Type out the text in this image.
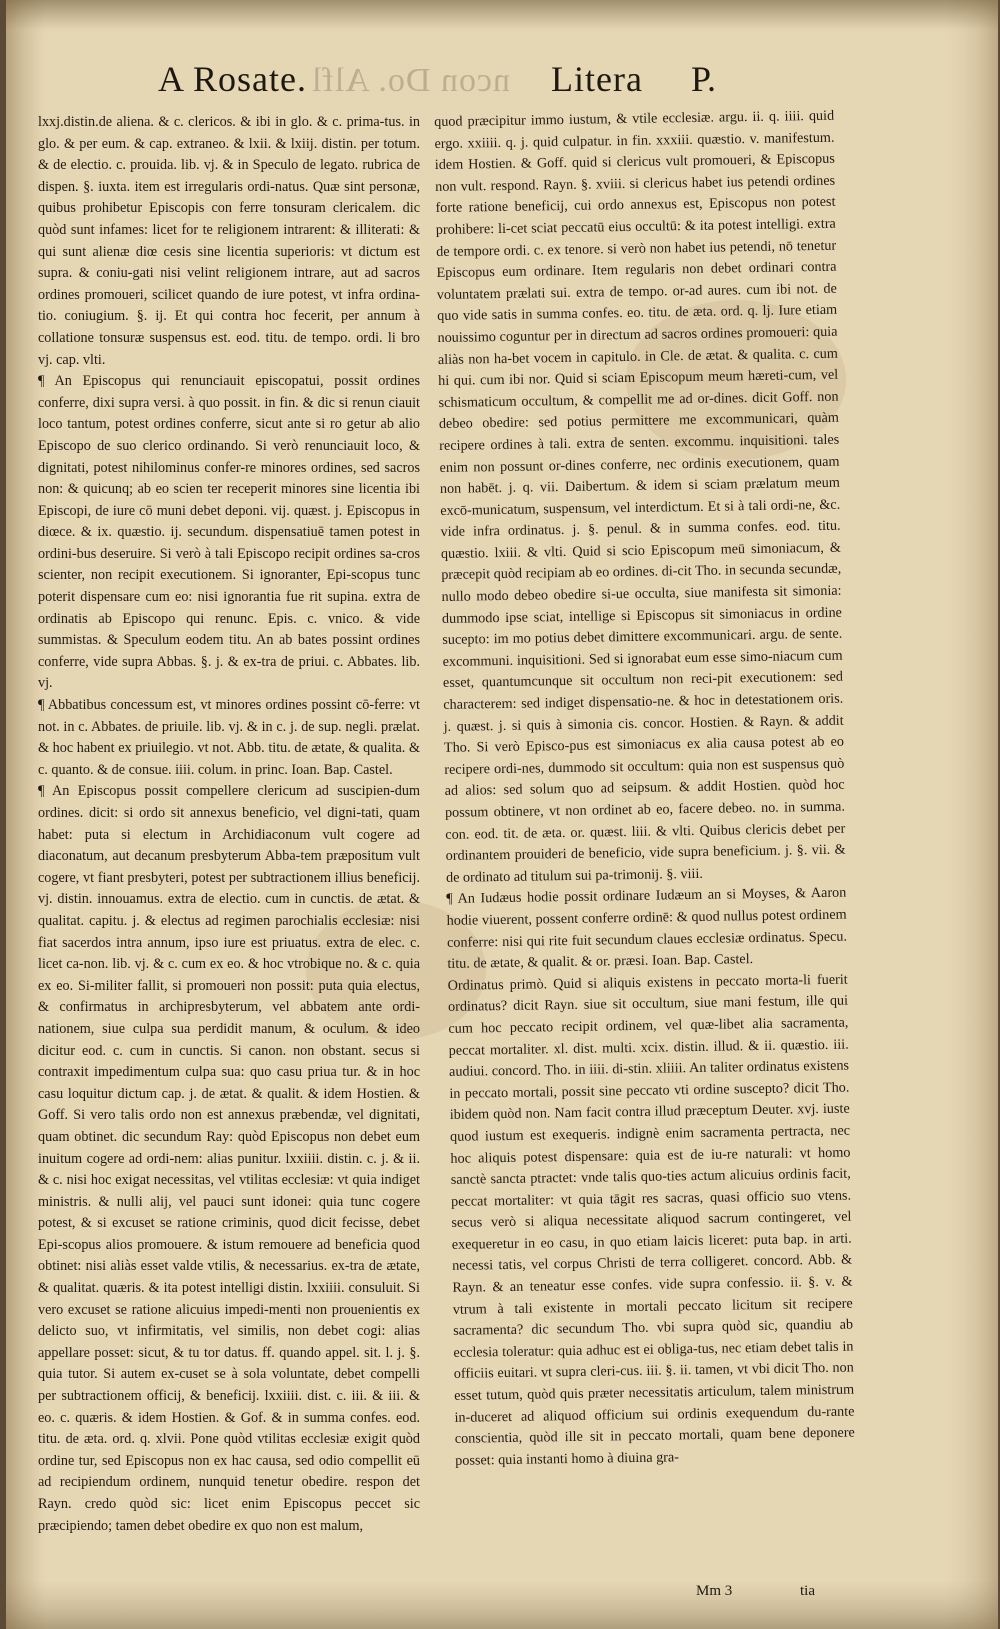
A Rosate. ncon Do. Alfl Litera P.

lxxj.distin.de aliena. & c. clericos. & ibi in glo. & c. prima-tus. in glo. & per eum. & cap. extraneo. & lxii. & lxiij. distin. per totum. & de electio. c. prouida. lib. vj. & in Speculo de legato. rubrica de dispen. §. iuxta. item est irregularis ordi-natus. Quæ sint personæ, quibus prohibetur Episcopis con ferre tonsuram clericalem. dic quòd sunt infames: licet for te religionem intrarent: & illiterati: & qui sunt alienæ diœ cesis sine licentia superioris: vt dictum est supra. & coniu-gati nisi velint religionem intrare, aut ad sacros ordines promoueri, scilicet quando de iure potest, vt infra ordina-tio. coniugium. §. ij. Et qui contra hoc fecerit, per annum à collatione tonsuræ suspensus est. eod. titu. de tempo. ordi. li bro vj. cap. vlti.

¶ An Episcopus qui renunciauit episcopatui, possit ordines conferre, dixi supra versi. à quo possit. in fin. & dic si renun ciauit loco tantum, potest ordines conferre, sicut ante si ro getur ab alio Episcopo de suo clerico ordinando. Si verò renunciauit loco, & dignitati, potest nihilominus confer-re minores ordines, sed sacros non: & quicunq; ab eo scien ter receperit minores sine licentia ibi Episcopi, de iure cō muni debet deponi. vij. quæst. j. Episcopus in diœce. & ix. quæstio. ij. secundum. dispensatiuē tamen potest in ordini-bus deseruire. Si verò à tali Episcopo recipit ordines sa-cros scienter, non recipit executionem. Si ignoranter, Epi-scopus tunc poterit dispensare cum eo: nisi ignorantia fue rit supina. extra de ordinatis ab Episcopo qui renunc. Epis. c. vnico. & vide summistas. & Speculum eodem titu. An ab bates possint ordines conferre, vide supra Abbas. §. j. & ex-tra de priui. c. Abbates. lib. vj.

¶ Abbatibus concessum est, vt minores ordines possint cō-ferre: vt not. in c. Abbates. de priuile. lib. vj. & in c. j. de sup. negli. prælat. & hoc habent ex priuilegio. vt not. Abb. titu. de ætate, & qualita. & c. quanto. & de consue. iiii. colum. in princ. Ioan. Bap. Castel.

¶ An Episcopus possit compellere clericum ad suscipien-dum ordines. dicit: si ordo sit annexus beneficio, vel digni-tati, quam habet: puta si electum in Archidiaconum vult cogere ad diaconatum, aut decanum presbyterum Abba-tem præpositum vult cogere, vt fiant presbyteri, potest per subtractionem illius beneficij. vj. distin. innouamus. extra de electio. cum in cunctis. de ætat. & qualitat. capitu. j. & electus ad regimen parochialis ecclesiæ: nisi fiat sacerdos intra annum, ipso iure est priuatus. extra de elec. c. licet ca-non. lib. vj. & c. cum ex eo. & hoc vtrobique no. & c. quia ex eo. Si-militer fallit, si promoueri non possit: puta quia electus, & confirmatus in archipresbyterum, vel abbatem ante ordi-nationem, siue culpa sua perdidit manum, & oculum. & ideo dicitur eod. c. cum in cunctis. Si canon. non obstant. secus si contraxit impedimentum culpa sua: quo casu priua tur. & in hoc casu loquitur dictum cap. j. de ætat. & qualit. & idem Hostien. & Goff. Si vero talis ordo non est annexus præbendæ, vel dignitati, quam obtinet. dic secundum Ray: quòd Episcopus non debet eum inuitum cogere ad ordi-nem: alias punitur. lxxiiii. distin. c. j. & ii. & c. nisi hoc exigat necessitas, vel vtilitas ecclesiæ: vt quia indiget ministris. & nulli alij, vel pauci sunt idonei: quia tunc cogere potest, & si excuset se ratione criminis, quod dicit fecisse, debet Epi-scopus alios promouere. & istum remouere ad beneficia quod obtinet: nisi aliàs esset valde vtilis, & necessarius. ex-tra de ætate, & qualitat. quæris. & ita potest intelligi distin. lxxiiii. consuluit. Si vero excuset se ratione alicuius impedi-menti non prouenientis ex delicto suo, vt infirmitatis, vel similis, non debet cogi: alias appellare posset: sicut, & tu tor datus. ff. quando appel. sit. l. j. §. quia tutor. Si autem ex-cuset se à sola voluntate, debet compelli per subtractionem officij, & beneficij. lxxiiii. dist. c. iii. & iii. & eo. c. quæris. & idem Hostien. & Gof. & in summa confes. eod. titu. de æta. ord. q. xlvii. Pone quòd vtilitas ecclesiæ exigit quòd ordine tur, sed Episcopus non ex hac causa, sed odio compellit eū ad recipiendum ordinem, nunquid tenetur obedire. respon det Rayn. credo quòd sic: licet enim Episcopus peccet sic præcipiendo; tamen debet obedire ex quo non est malum,

quod præcipitur immo iustum, & vtile ecclesiæ. argu. ii. q. iiii. quid ergo. xxiiii. q. j. quid culpatur. in fin. xxxiii. quæstio. v. manifestum. idem Hostien. & Goff. quid si clericus vult promoueri, & Episcopus non vult. respond. Rayn. §. xviii. si clericus habet ius petendi ordines forte ratione beneficij, cui ordo annexus est, Episcopus non potest prohibere: li-cet sciat peccatū eius occultū: & ita potest intelligi. extra de tempore ordi. c. ex tenore. si verò non habet ius petendi, nō tenetur Episcopus eum ordinare. Item regularis non debet ordinari contra voluntatem prælati sui. extra de tempo. or-ad aures. cum ibi not. de quo vide satis in summa confes. eo. titu. de æta. ord. q. lj. Iure etiam nouissimo coguntur per in directum ad sacros ordines promoueri: quia aliàs non ha-bet vocem in capitulo. in Cle. de ætat. & qualita. c. cum hi qui. cum ibi nor. Quid si sciam Episcopum meum hæreti-cum, vel schismaticum occultum, & compellit me ad or-dines. dicit Goff. non debeo obedire: sed potius permittere me excommunicari, quàm recipere ordines à tali. extra de senten. excommu. inquisitioni. tales enim non possunt or-dines conferre, nec ordinis executionem, quam non habēt. j. q. vii. Daibertum. & idem si sciam prælatum meum excō-municatum, suspensum, vel interdictum. Et si à tali ordi-ne, &c. vide infra ordinatus. j. §. penul. & in summa confes. eod. titu. quæstio. lxiii. & vlti. Quid si scio Episcopum meū simoniacum, & præcepit quòd recipiam ab eo ordines. di-cit Tho. in secunda secundæ, nullo modo debeo obedire si-ue occulta, siue manifesta sit simonia: dummodo ipse sciat, intellige si Episcopus sit simoniacus in ordine sucepto: im mo potius debet dimittere excommunicari. argu. de sente. excommuni. inquisitioni. Sed si ignorabat eum esse simo-niacum cum esset, quantumcunque sit occultum non reci-pit executionem: sed characterem: sed indiget dispensatio-ne. & hoc in detestationem oris. j. quæst. j. si quis à simonia cis. concor. Hostien. & Rayn. & addit Tho. Si verò Episco-pus est simoniacus ex alia causa potest ab eo recipere ordi-nes, dummodo sit occultum: quia non est suspensus quò ad alios: sed solum quo ad seipsum. & addit Hostien. quòd hoc possum obtinere, vt non ordinet ab eo, facere debeo. no. in summa. con. eod. tit. de æta. or. quæst. liii. & vlti. Quibus clericis debet per ordinantem prouideri de beneficio, vide supra beneficium. j. §. vii. & de ordinato ad titulum sui pa-trimonij. §. viii.

¶ An Iudæus hodie possit ordinare Iudæum an si Moyses, & Aaron hodie viuerent, possent conferre ordinē: & quod nullus potest ordinem conferre: nisi qui rite fuit secundum claues ecclesiæ ordinatus. Specu. titu. de ætate, & qualit. & or. præsi. Ioan. Bap. Castel.

Ordinatus primò. Quid si aliquis existens in peccato morta-li fuerit ordinatus? dicit Rayn. siue sit occultum, siue mani festum, ille qui cum hoc peccato recipit ordinem, vel quæ-libet alia sacramenta, peccat mortaliter. xl. dist. multi. xcix. distin. illud. & ii. quæstio. iii. audiui. concord. Tho. in iiii. di-stin. xliiii. An taliter ordinatus existens in peccato mortali, possit sine peccato vti ordine suscepto? dicit Tho. ibidem quòd non. Nam facit contra illud præceptum Deuter. xvj. iuste quod iustum est exequeris. indignè enim sacramenta pertracta, nec hoc aliquis potest dispensare: quia est de iu-re naturali: vt homo sanctè sancta ptractet: vnde talis quo-ties actum alicuius ordinis facit, peccat mortaliter: vt quia tāgit res sacras, quasi officio suo vtens. secus verò si aliqua necessitate aliquod sacrum contingeret, vel exequeretur in eo casu, in quo etiam laicis liceret: puta bap. in arti. necessi tatis, vel corpus Christi de terra colligeret. concord. Abb. & Rayn. & an teneatur esse confes. vide supra confessio. ii. §. v. & vtrum à tali existente in mortali peccato licitum sit recipere sacramenta? dic secundum Tho. vbi supra quòd sic, quandiu ab ecclesia toleratur: quia adhuc est ei obliga-tus, nec etiam debet talis in officiis euitari. vt supra cleri-cus. iii. §. ii. tamen, vt vbi dicit Tho. non esset tutum, quòd quis præter necessitatis articulum, talem ministrum in-duceret ad aliquod officium sui ordinis exequendum du-rante conscientia, quòd ille sit in peccato mortali, quam bene deponere posset: quia instanti homo à diuina gra-

Mm 3	tia
